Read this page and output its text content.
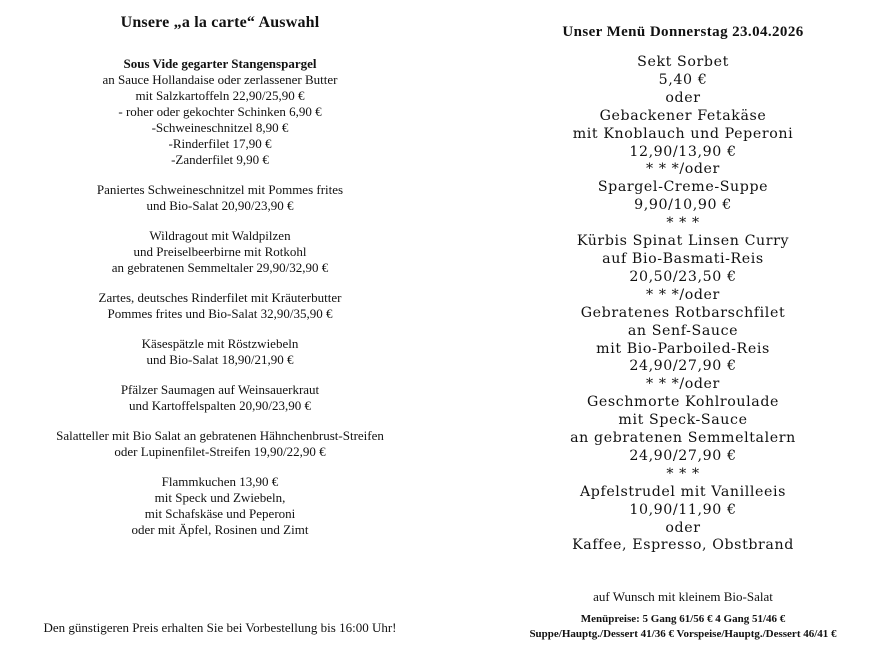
Unsere „a la carte“ Auswahl
Sous Vide gegarter Stangenspargel
an Sauce Hollandaise oder zerlassener Butter
mit Salzkartoffeln 22,90/25,90 €
- roher oder gekochter Schinken 6,90 €
-Schweineschnitzel 8,90 €
-Rinderfilet 17,90 €
-Zanderfilet 9,90 €
Paniertes Schweineschnitzel mit Pommes frites
und Bio-Salat 20,90/23,90 €
Wildragout mit Waldpilzen
und Preiselbeerbirne mit Rotkohl
an gebratenen Semmeltaler 29,90/32,90 €
Zartes, deutsches Rinderfilet mit Kräuterbutter
Pommes frites und Bio-Salat 32,90/35,90 €
Käsespätzle mit Röstzwiebeln
und Bio-Salat 18,90/21,90 €
Pfälzer Saumagen auf Weinsauerkraut
und Kartoffelspalten 20,90/23,90 €
Salatteller mit Bio Salat an gebratenen Hähnchenbrust-Streifen
oder Lupinenfilet-Streifen 19,90/22,90 €
Flammkuchen 13,90 €
mit Speck und Zwiebeln,
mit Schafskäse und Peperoni
oder mit Äpfel, Rosinen und Zimt
Den günstigeren Preis erhalten Sie bei Vorbestellung bis 16:00 Uhr!
Unser Menü Donnerstag 23.04.2026
Sekt Sorbet
5,40 €
oder
Gebackener Fetakäse
mit Knoblauch und Peperoni
12,90/13,90 €
* * */oder
Spargel-Creme-Suppe
9,90/10,90 €
* * *
Kürbis Spinat Linsen Curry
auf Bio-Basmati-Reis
20,50/23,50 €
* * */oder
Gebratenes Rotbarschfilet
an Senf-Sauce
mit Bio-Parboiled-Reis
24,90/27,90 €
* * */oder
Geschmorte Kohlroulade
mit Speck-Sauce
an gebratenen Semmeltalern
24,90/27,90 €
* * *
Apfelstrudel mit Vanilleeis
10,90/11,90 €
oder
Kaffee, Espresso, Obstbrand
auf Wunsch mit kleinem Bio-Salat
Menüpreise: 5 Gang 61/56 € 4 Gang 51/46 €
Suppe/Hauptg./Dessert 41/36 € Vorspeise/Hauptg./Dessert 46/41 €
